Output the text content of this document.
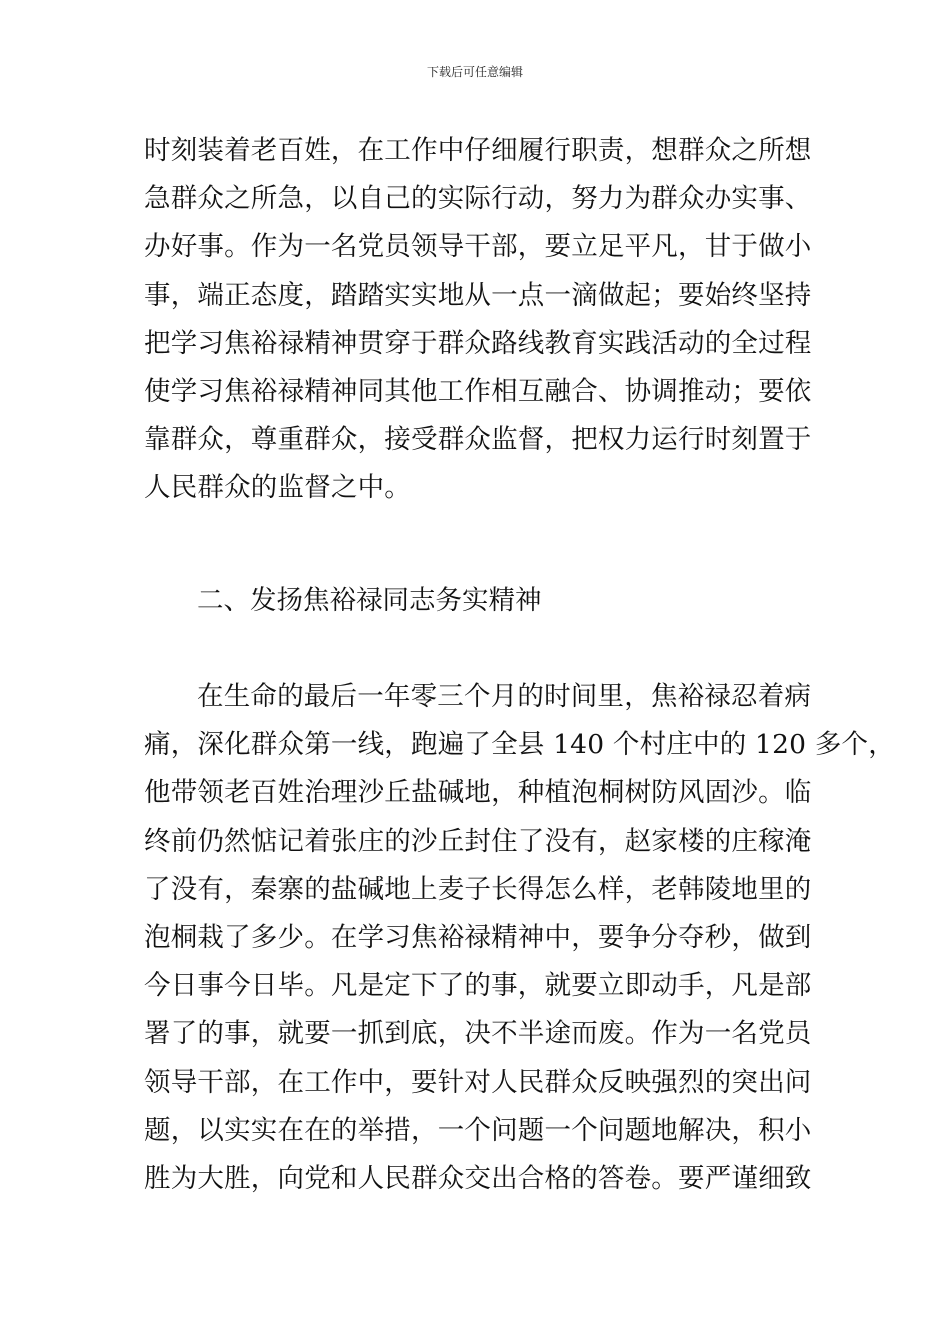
下载后可任意编辑
时刻装着老百姓，在工作中仔细履行职责，想群众之所想
急群众之所急，以自己的实际行动，努力为群众办实事、
办好事。作为一名党员领导干部，要立足平凡，甘于做小
事，端正态度，踏踏实实地从一点一滴做起；要始终坚持
把学习焦裕禄精神贯穿于群众路线教育实践活动的全过程
使学习焦裕禄精神同其他工作相互融合、协调推动；要依
靠群众，尊重群众，接受群众监督，把权力运行时刻置于
人民群众的监督之中。
二、发扬焦裕禄同志务实精神
在生命的最后一年零三个月的时间里，焦裕禄忍着病
痛，深化群众第一线，跑遍了全县 140 个村庄中的 120 多个，
他带领老百姓治理沙丘盐碱地，种植泡桐树防风固沙。临
终前仍然惦记着张庄的沙丘封住了没有，赵家楼的庄稼淹
了没有，秦寨的盐碱地上麦子长得怎么样，老韩陵地里的
泡桐栽了多少。在学习焦裕禄精神中，要争分夺秒，做到
今日事今日毕。凡是定下了的事，就要立即动手，凡是部
署了的事，就要一抓到底，决不半途而废。作为一名党员
领导干部，在工作中，要针对人民群众反映强烈的突出问
题，以实实在在的举措，一个问题一个问题地解决，积小
胜为大胜，向党和人民群众交出合格的答卷。要严谨细致
